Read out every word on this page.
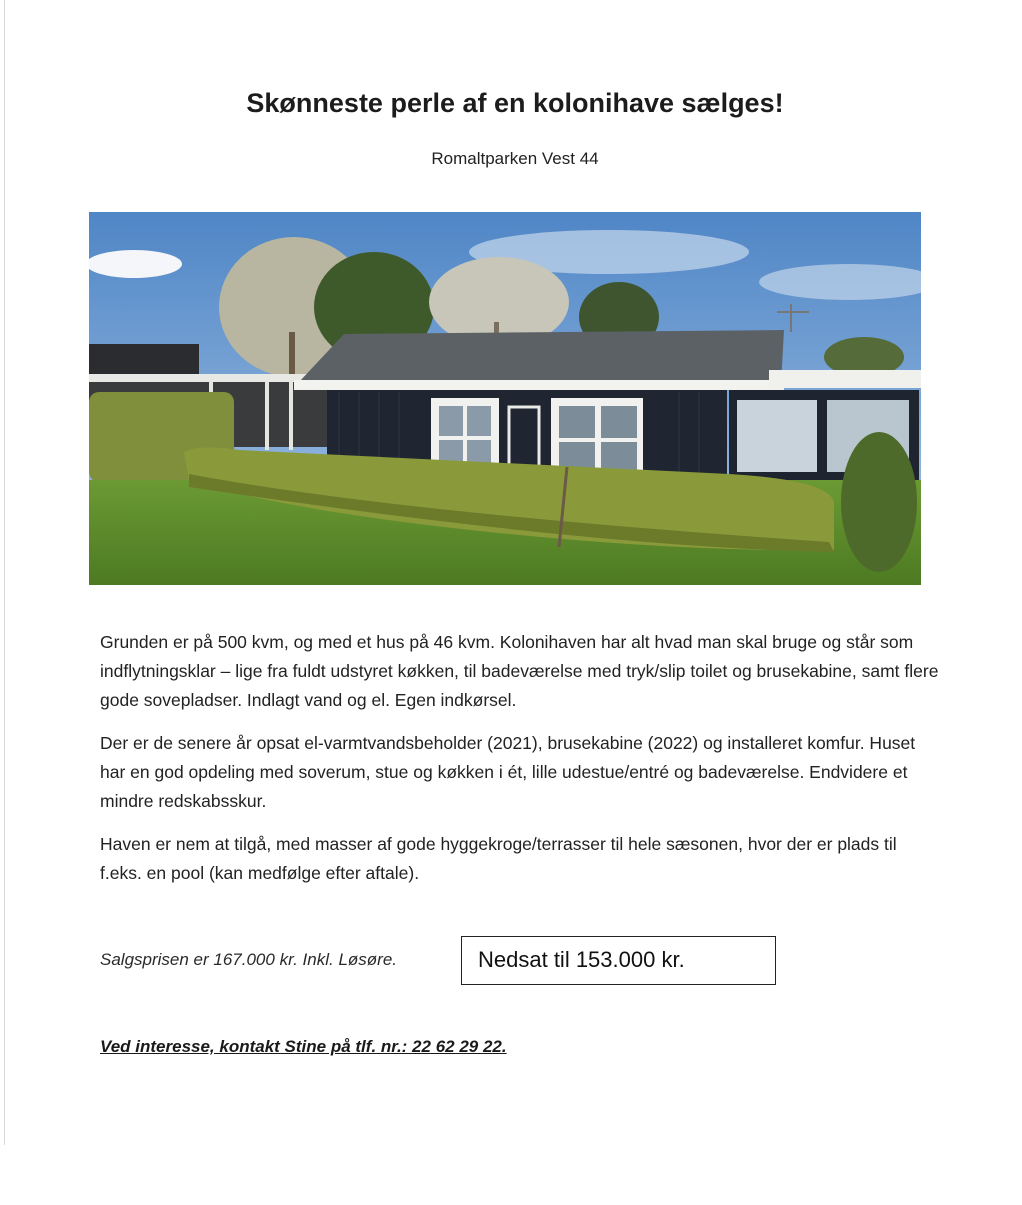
Skønneste perle af en kolonihave sælges!

Romaltparken Vest 44

Grunden er på 500 kvm, og med et hus på 46 kvm. Kolonihaven har alt hvad man skal bruge og står som indflytningsklar – lige fra fuldt udstyret køkken, til badeværelse med tryk/slip toilet og brusekabine, samt flere gode sovepladser. Indlagt vand og el. Egen indkørsel.

Der er de senere år opsat el-varmtvandsbeholder (2021), brusekabine (2022) og installeret komfur. Huset har en god opdeling med soverum, stue og køkken i ét, lille udestue/entré og badeværelse. Endvidere et mindre redskabsskur.

Haven er nem at tilgå, med masser af gode hyggekroge/terrasser til hele sæsonen, hvor der er plads til f.eks. en pool (kan medfølge efter aftale).

Salgsprisen er 167.000 kr. Inkl. Løsøre.	Nedsat til 153.000 kr.

Ved interesse, kontakt Stine på tlf. nr.: 22 62 29 22.
